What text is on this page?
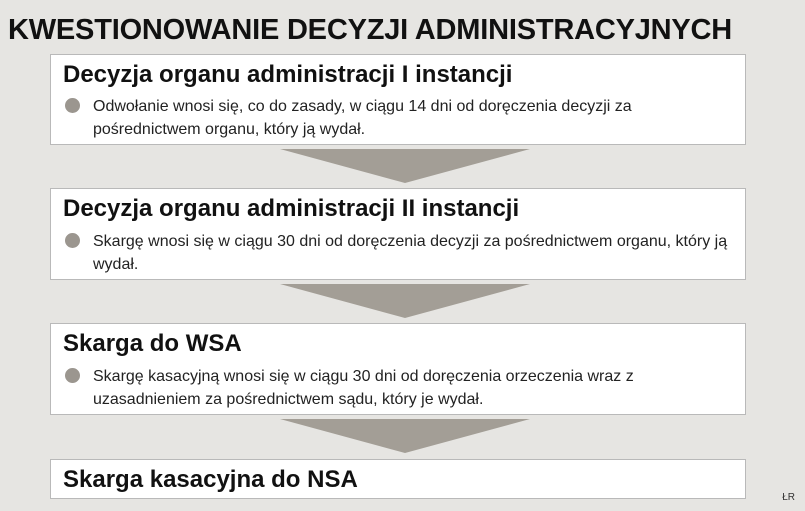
KWESTIONOWANIE DECYZJI ADMINISTRACYJNYCH
Decyzja organu administracji I instancji
Odwołanie wnosi się, co do zasady, w ciągu 14 dni od doręczenia decyzji za pośrednictwem organu, który ją wydał.
Decyzja organu administracji II instancji
Skargę wnosi się w ciągu 30 dni od doręczenia decyzji za pośrednictwem organu, który ją wydał.
Skarga do WSA
Skargę kasacyjną wnosi się w ciągu 30 dni od doręczenia orzeczenia wraz z uzasadnieniem za pośrednictwem sądu, który je wydał.
Skarga kasacyjna do NSA
ŁR
